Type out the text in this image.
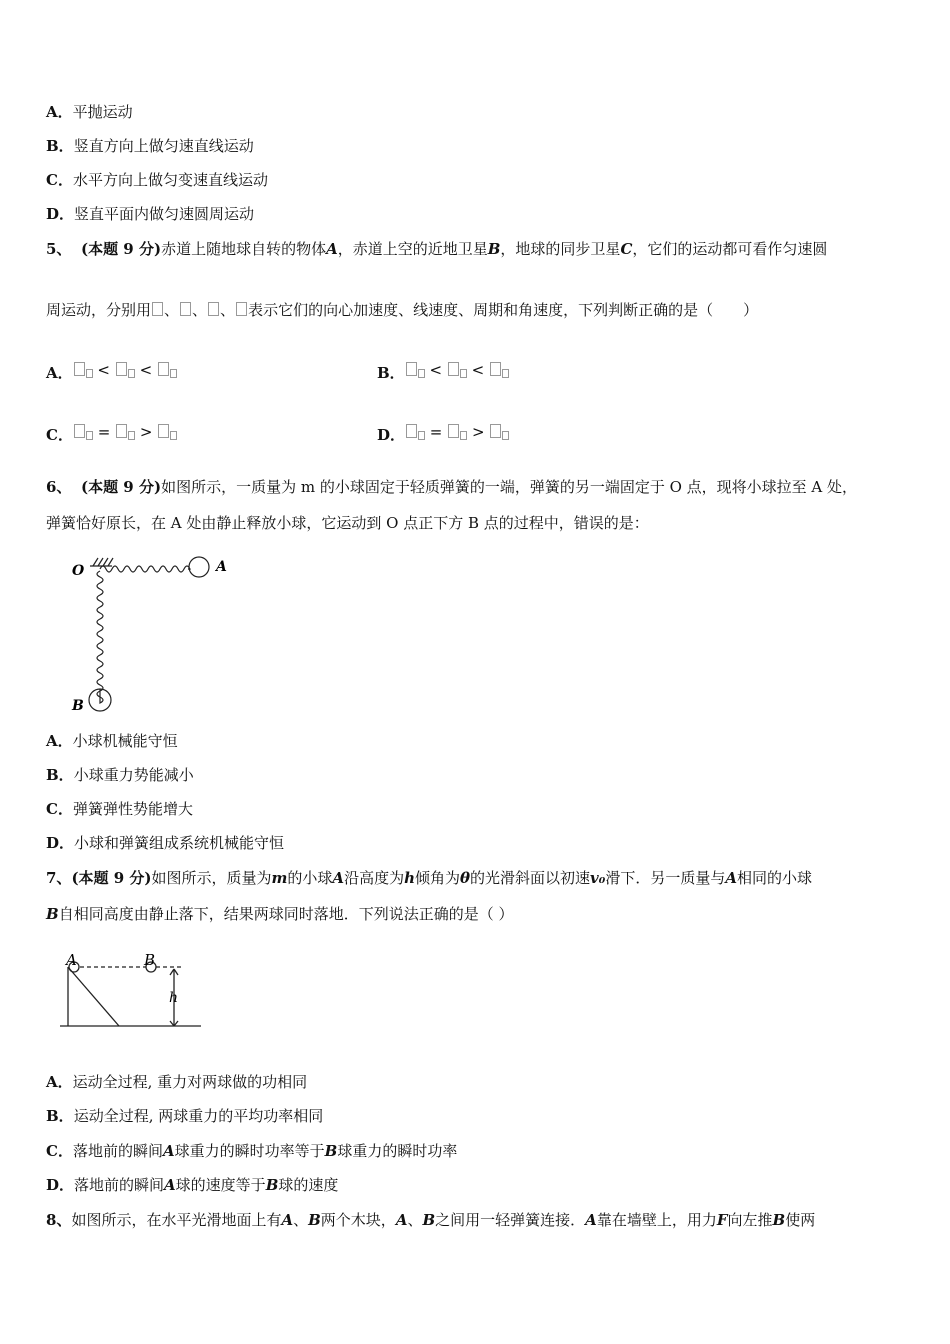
A．平抛运动
B．竖直方向上做匀速直线运动
C．水平方向上做匀变速直线运动
D．竖直平面内做匀速圆周运动
5、 (本题 9 分)赤道上随地球自转的物体A，赤道上空的近地卫星B，地球的同步卫星C，它们的运动都可看作匀速圆
周运动，分别用 、 、 、 表示它们的向心加速度、线速度、周期和角速度，下列判断正确的是（　　）
A． < <	B． < <
C． = >	D． = >
6、 (本题 9 分)如图所示，一质量为 m 的小球固定于轻质弹簧的一端，弹簧的另一端固定于 O 点，现将小球拉至 A 处，
弹簧恰好原长，在 A 处由静止释放小球，它运动到 O 点正下方 B 点的过程中，错误的是：
O	A
B
A．小球机械能守恒
B．小球重力势能减小
C．弹簧弹性势能增大
D．小球和弹簧组成系统机械能守恒
7、(本题 9 分)如图所示，质量为m的小球A沿高度为h倾角为θ的光滑斜面以初速v₀滑下．另一质量与A相同的小球
B自相同高度由静止落下，结果两球同时落地．下列说法正确的是（ ）
A	B
h
A．运动全过程, 重力对两球做的功相同
B．运动全过程, 两球重力的平均功率相同
C．落地前的瞬间A球重力的瞬时功率等于B球重力的瞬时功率
D．落地前的瞬间A球的速度等于B球的速度
8、如图所示，在水平光滑地面上有A、B两个木块，A、B之间用一轻弹簧连接．A靠在墙壁上，用力F向左推B使两
